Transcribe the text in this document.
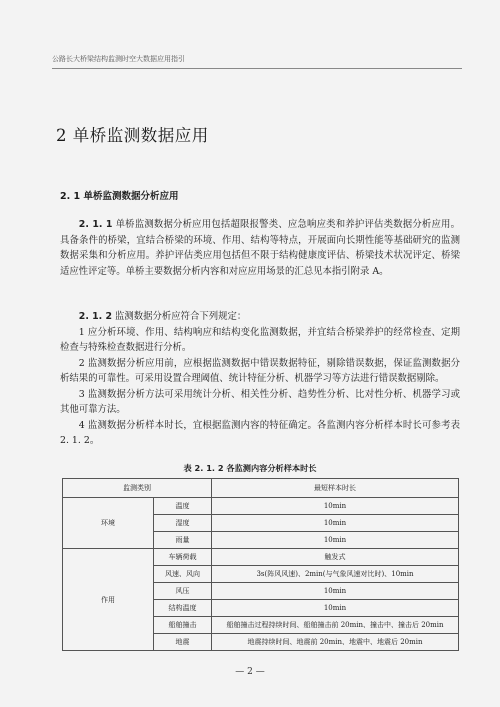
公路长大桥梁结构监测时空大数据应用指引
2 单桥监测数据应用
2. 1 单桥监测数据分析应用
2. 1. 1 单桥监测数据分析应用包括超限报警类、应急响应类和养护评估类数据分析应用。具备条件的桥梁，宜结合桥梁的环境、作用、结构等特点，开展面向长期性能等基础研究的监测数据采集和分析应用。养护评估类应用包括但不限于结构健康度评估、桥梁技术状况评定、桥梁适应性评定等。单桥主要数据分析内容和对应应用场景的汇总见本指引附录 A。
2. 1. 2 监测数据分析应符合下列规定：
1 应分析环境、作用、结构响应和结构变化监测数据，并宜结合桥梁养护的经常检查、定期检查与特殊检查数据进行分析。
2 监测数据分析应用前，应根据监测数据中错误数据特征，剔除错误数据，保证监测数据分析结果的可靠性。可采用设置合理阈值、统计特征分析、机器学习等方法进行错误数据剔除。
3 监测数据分析方法可采用统计分析、相关性分析、趋势性分析、比对性分析、机器学习或其他可靠方法。
4 监测数据分析样本时长，宜根据监测内容的特征确定。各监测内容分析样本时长可参考表 2. 1. 2。
表 2. 1. 2 各监测内容分析样本时长
监测类别		最短样本时长
环境	温度	10min
	湿度	10min
	雨量	10min
作用	车辆荷载	触发式
	风速、风向	3s(阵风风速)、2min(与气象风速对比时)、10min
	风压	10min
	结构温度	10min
	船舶撞击	船舶撞击过程持续时间、船舶撞击前 20min、撞击中、撞击后 20min
	地震	地震持续时间、地震前 20min、地震中、地震后 20min
— 2 —
